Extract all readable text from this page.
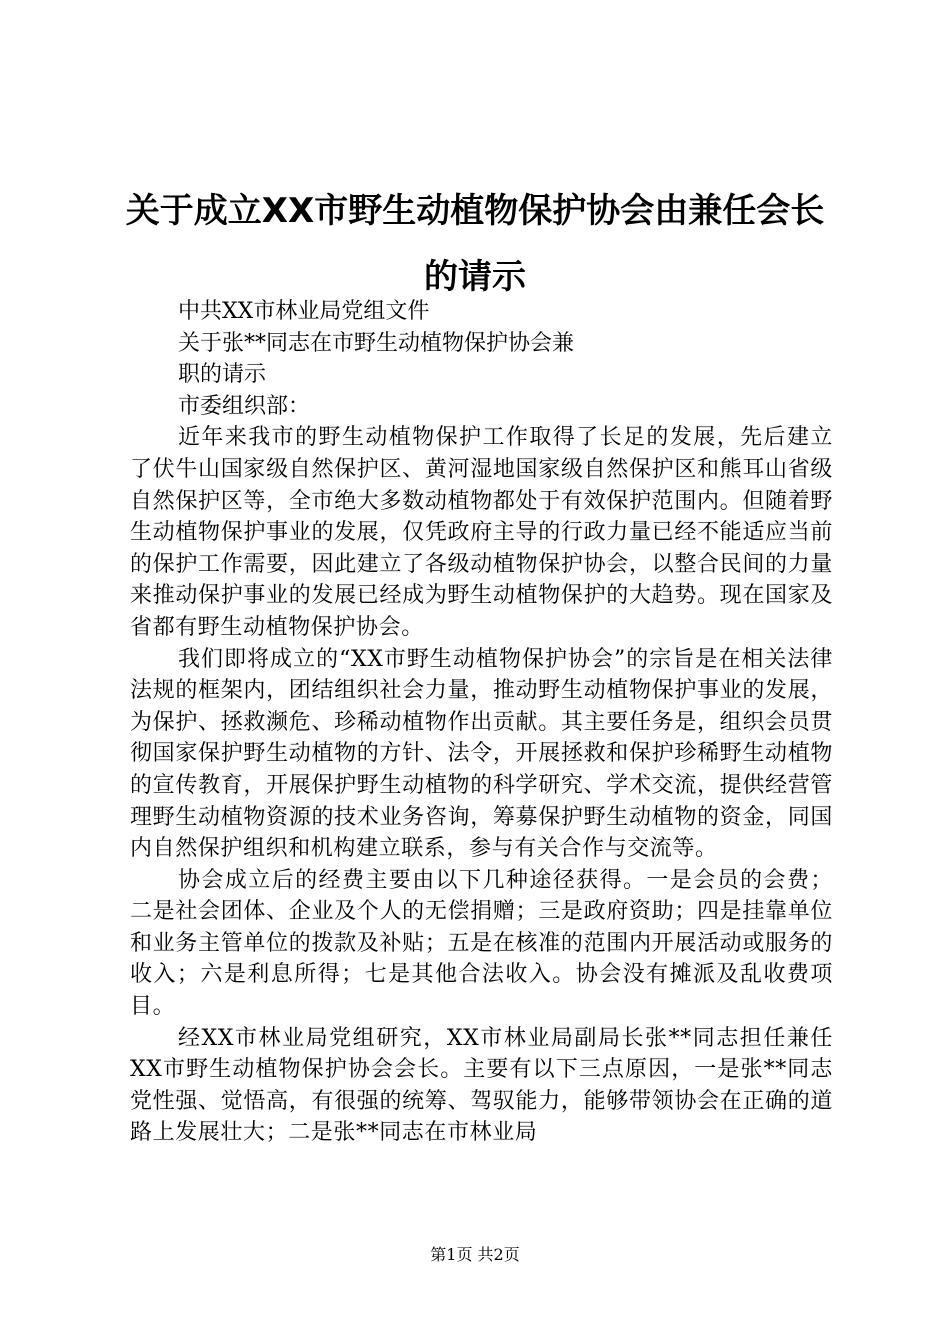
关于成立XX市野生动植物保护协会由兼任会长的请示

中共XX市林业局党组文件

关于张**同志在市野生动植物保护协会兼

职的请示

市委组织部：

近年来我市的野生动植物保护工作取得了长足的发展，先后建立了伏牛山国家级自然保护区、黄河湿地国家级自然保护区和熊耳山省级自然保护区等，全市绝大多数动植物都处于有效保护范围内。但随着野生动植物保护事业的发展，仅凭政府主导的行政力量已经不能适应当前的保护工作需要，因此建立了各级动植物保护协会，以整合民间的力量来推动保护事业的发展已经成为野生动植物保护的大趋势。现在国家及省都有野生动植物保护协会。

我们即将成立的“XX市野生动植物保护协会”的宗旨是在相关法律法规的框架内，团结组织社会力量，推动野生动植物保护事业的发展，为保护、拯救濒危、珍稀动植物作出贡献。其主要任务是，组织会员贯彻国家保护野生动植物的方针、法令，开展拯救和保护珍稀野生动植物的宣传教育，开展保护野生动植物的科学研究、学术交流，提供经营管理野生动植物资源的技术业务咨询，筹募保护野生动植物的资金，同国内自然保护组织和机构建立联系，参与有关合作与交流等。

协会成立后的经费主要由以下几种途径获得。一是会员的会费；二是社会团体、企业及个人的无偿捐赠；三是政府资助；四是挂靠单位和业务主管单位的拨款及补贴；五是在核准的范围内开展活动或服务的收入；六是利息所得；七是其他合法收入。协会没有摊派及乱收费项目。

经XX市林业局党组研究，XX市林业局副局长张**同志担任兼任XX市野生动植物保护协会会长。主要有以下三点原因，一是张**同志党性强、觉悟高，有很强的统筹、驾驭能力，能够带领协会在正确的道路上发展壮大；二是张**同志在市林业局

第1页 共2页
